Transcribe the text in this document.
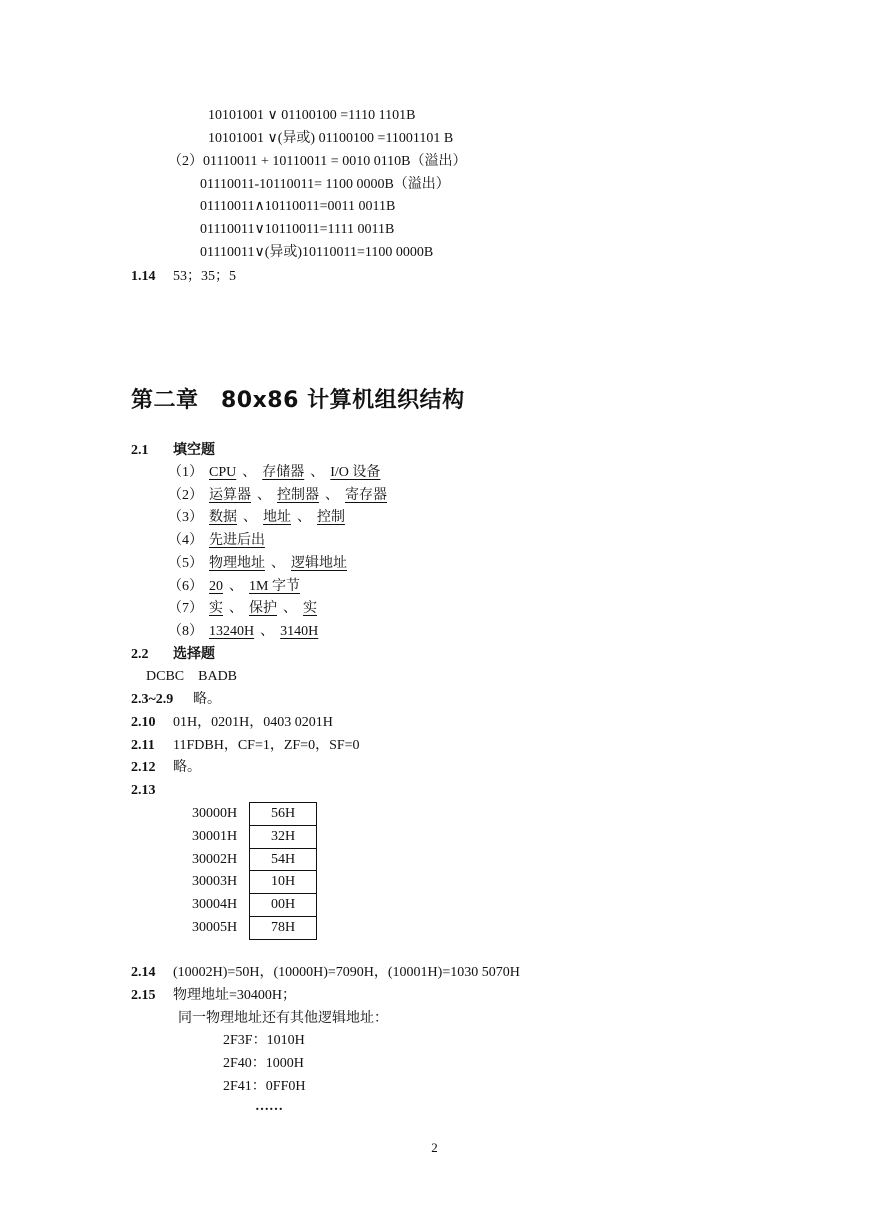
10101001 ∨ 01100100 =1110 1101B
10101001 ∨(异或) 01100100 =11001101 B
（2）01110011 + 10110011 = 0010 0110B（溢出）
01110011-10110011= 1100 0000B（溢出）
01110011∧10110011=0011 0011B
01110011∨10110011=1111 0011B
01110011∨(异或)10110011=1100 0000B
1.14 53；35；5
第二章　80x86 计算机组织结构
2.1 填空题
（1） CPU 、 存储器 、 I/O 设备
（2） 运算器 、 控制器 、 寄存器
（3） 数据 、 地址 、 控制
（4） 先进后出
（5） 物理地址 、 逻辑地址
（6） 20 、 1M 字节
（7） 实 、 保护 、 实
（8） 13240H 、 3140H
2.2 选择题
DCBC　BADB
2.3~2.9 略。
2.10 01H，0201H，0403 0201H
2.11 11FDBH，CF=1，ZF=0，SF=0
2.12 略。
2.13
30000H
30001H
30002H
30003H
30004H
30005H
56H
32H
54H
10H
00H
78H
2.14 (10002H)=50H，(10000H)=7090H，(10001H)=1030 5070H
2.15 物理地址=30400H；
同一物理地址还有其他逻辑地址：
2F3F：1010H
2F40：1000H
2F41：0FF0H
……
2
